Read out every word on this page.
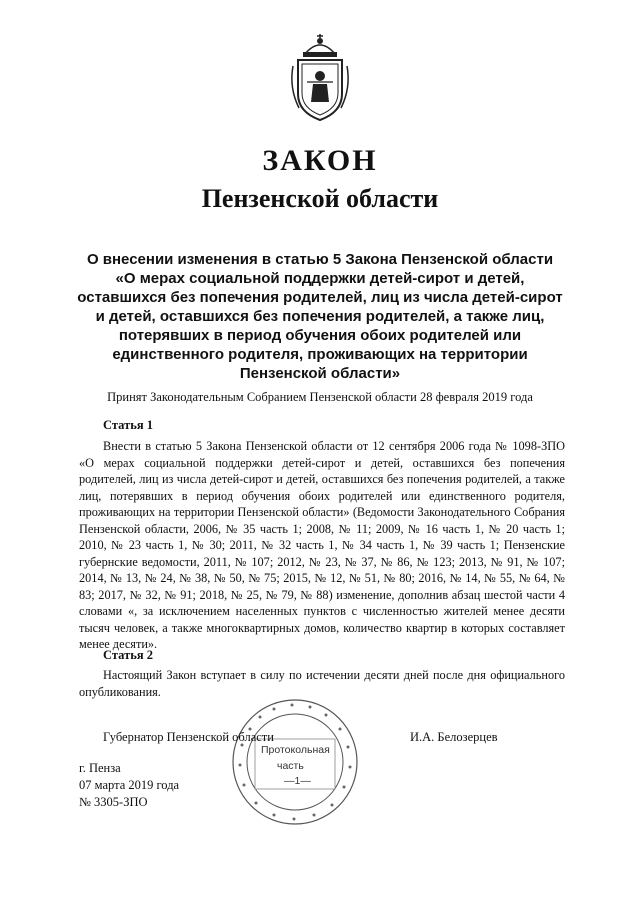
ЗАКОН
Пензенской области
О внесении изменения в статью 5 Закона Пензенской области
«О мерах социальной поддержки детей-сирот и детей,
оставшихся без попечения родителей, лиц из числа детей-сирот
и детей, оставшихся без попечения родителей, а также лиц,
потерявших в период обучения обоих родителей или
единственного родителя, проживающих на территории
Пензенской области»
Принят Законодательным Собранием Пензенской области 28 февраля 2019 года
Статья 1
Внести в статью 5 Закона Пензенской области от 12 сентября 2006 года № 1098-ЗПО «О мерах социальной поддержки детей-сирот и детей, оставшихся без попечения родителей, лиц из числа детей-сирот и детей, оставшихся без попечения родителей, а также лиц, потерявших в период обучения обоих родителей или единственного родителя, проживающих на территории Пензенской области» (Ведомости Законодательного Собрания Пензенской области, 2006, № 35 часть 1; 2008, № 11; 2009, № 16 часть 1, № 20 часть 1; 2010, № 23 часть 1, № 30; 2011, № 32 часть 1, № 34 часть 1, № 39 часть 1; Пензенские губернские ведомости, 2011, № 107; 2012, № 23, № 37, № 86, № 123; 2013, № 91, № 107; 2014, № 13, № 24, № 38, № 50, № 75; 2015, № 12, № 51, № 80; 2016, № 14, № 55, № 64, № 83; 2017, № 32, № 91; 2018, № 25, № 79, № 88) изменение, дополнив абзац шестой части 4 словами «, за исключением населенных пунктов с численностью жителей менее десяти тысяч человек, а также многоквартирных домов, количество квартир в которых составляет менее десяти».
Статья 2
Настоящий Закон вступает в силу по истечении десяти дней после дня официального опубликования.
Протокольная
часть
—1—
Губернатор Пензенской области	И.А. Белозерцев
г. Пенза
07 марта 2019 года
№ 3305-ЗПО
